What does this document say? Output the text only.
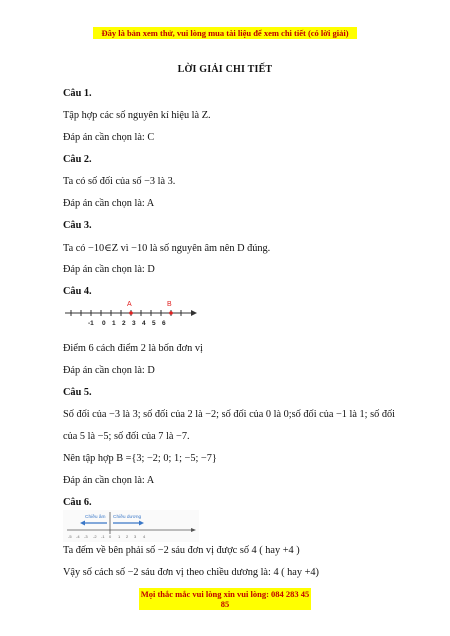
Đây là bản xem thử, vui lòng mua tài liệu để xem chi tiết (có lời giải)
LỜI GIẢI CHI TIẾT
Câu 1.
Tập hợp các số nguyên kí hiệu là Z.
Đáp án cần chọn là: C
Câu 2.
Ta có số đối của số −3 là 3.
Đáp án cần chọn là: A
Câu 3.
Ta có −10∈Z vì −10 là số nguyên âm nên D đúng.
Đáp án cần chọn là: D
Câu 4.
A	B
-1 0 1 2 3 4 5 6
Điểm 6 cách điểm 2 là bốn đơn vị
Đáp án cần chọn là: D
Câu 5.
Số đối của −3 là 3; số đối của 2 là −2; số đối của 0 là 0;số đối của −1 là 1; số đối
của 5 là −5; số đối của 7 là −7.
Nên tập hợp B ={3; −2; 0; 1; −5; −7}
Đáp án cần chọn là: A
Câu 6.
Chiều âm Chiều dương
-5 -4 -3 -2 -1 0 1 2 3 4
Ta đếm về bên phải số −2 sáu đơn vị được số 4 ( hay +4 )
Vậy số cách số −2 sáu đơn vị theo chiều dương là: 4 ( hay +4)
Mọi thắc mắc vui lòng xin vui lòng: 084 283 45 85
